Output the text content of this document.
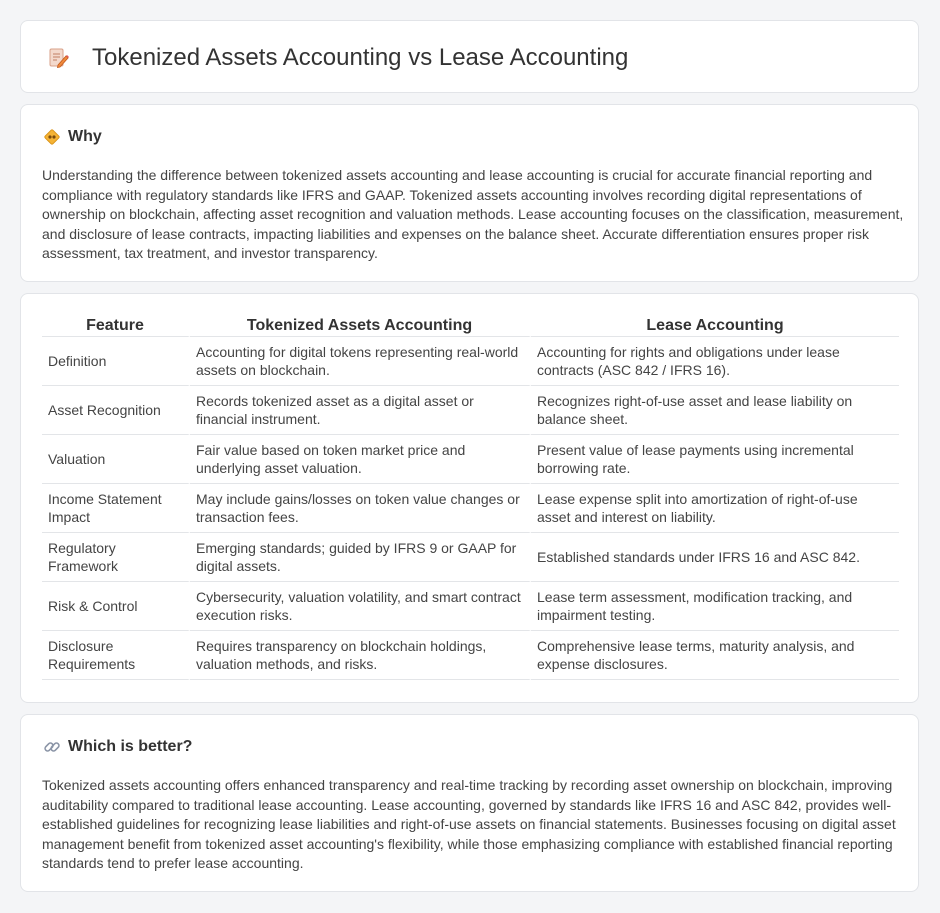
Tokenized Assets Accounting vs Lease Accounting
Why

Understanding the difference between tokenized assets accounting and lease accounting is crucial for accurate financial reporting and compliance with regulatory standards like IFRS and GAAP. Tokenized assets accounting involves recording digital representations of ownership on blockchain, affecting asset recognition and valuation methods. Lease accounting focuses on the classification, measurement, and disclosure of lease contracts, impacting liabilities and expenses on the balance sheet. Accurate differentiation ensures proper risk assessment, tax treatment, and investor transparency.

Feature	Tokenized Assets Accounting	Lease Accounting
Definition	Accounting for digital tokens representing real-world assets on blockchain.	Accounting for rights and obligations under lease contracts (ASC 842 / IFRS 16).
Asset Recognition	Records tokenized asset as a digital asset or financial instrument.	Recognizes right-of-use asset and lease liability on balance sheet.
Valuation	Fair value based on token market price and underlying asset valuation.	Present value of lease payments using incremental borrowing rate.
Income Statement Impact	May include gains/losses on token value changes or transaction fees.	Lease expense split into amortization of right-of-use asset and interest on liability.
Regulatory Framework	Emerging standards; guided by IFRS 9 or GAAP for digital assets.	Established standards under IFRS 16 and ASC 842.
Risk & Control	Cybersecurity, valuation volatility, and smart contract execution risks.	Lease term assessment, modification tracking, and impairment testing.
Disclosure Requirements	Requires transparency on blockchain holdings, valuation methods, and risks.	Comprehensive lease terms, maturity analysis, and expense disclosures.
Which is better?

Tokenized assets accounting offers enhanced transparency and real-time tracking by recording asset ownership on blockchain, improving auditability compared to traditional lease accounting. Lease accounting, governed by standards like IFRS 16 and ASC 842, provides well-established guidelines for recognizing lease liabilities and right-of-use assets on financial statements. Businesses focusing on digital asset management benefit from tokenized asset accounting's flexibility, while those emphasizing compliance with established financial reporting standards tend to prefer lease accounting.
